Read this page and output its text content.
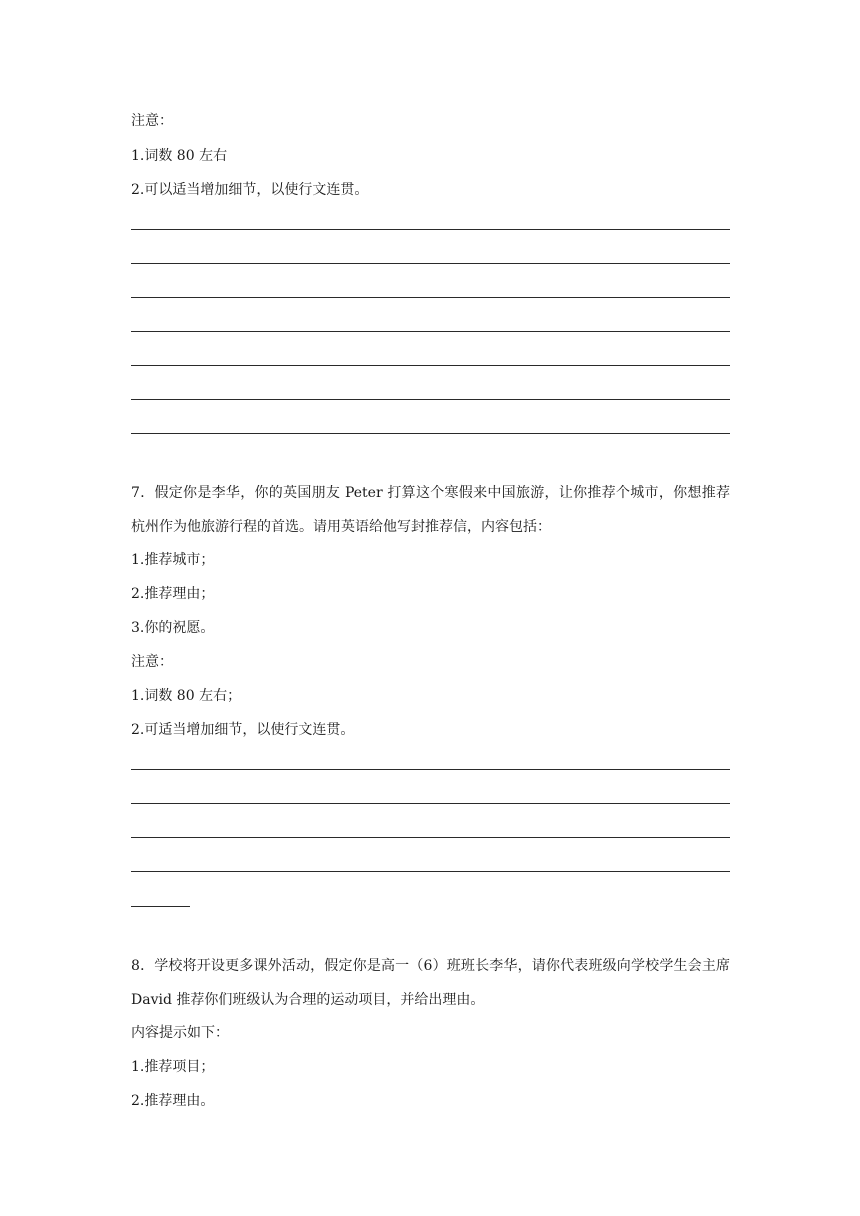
注意：
1.词数 80 左右
2.可以适当增加细节，以使行文连贯。
7．假定你是李华，你的英国朋友 Peter 打算这个寒假来中国旅游，让你推荐个城市，你想推荐杭州作为他旅游行程的首选。请用英语给他写封推荐信，内容包括：
1.推荐城市；
2.推荐理由；
3.你的祝愿。
注意：
1.词数 80 左右；
2.可适当增加细节，以使行文连贯。
8．学校将开设更多课外活动，假定你是高一（6）班班长李华，请你代表班级向学校学生会主席 David 推荐你们班级认为合理的运动项目，并给出理由。
内容提示如下：
1.推荐项目；
2.推荐理由。
